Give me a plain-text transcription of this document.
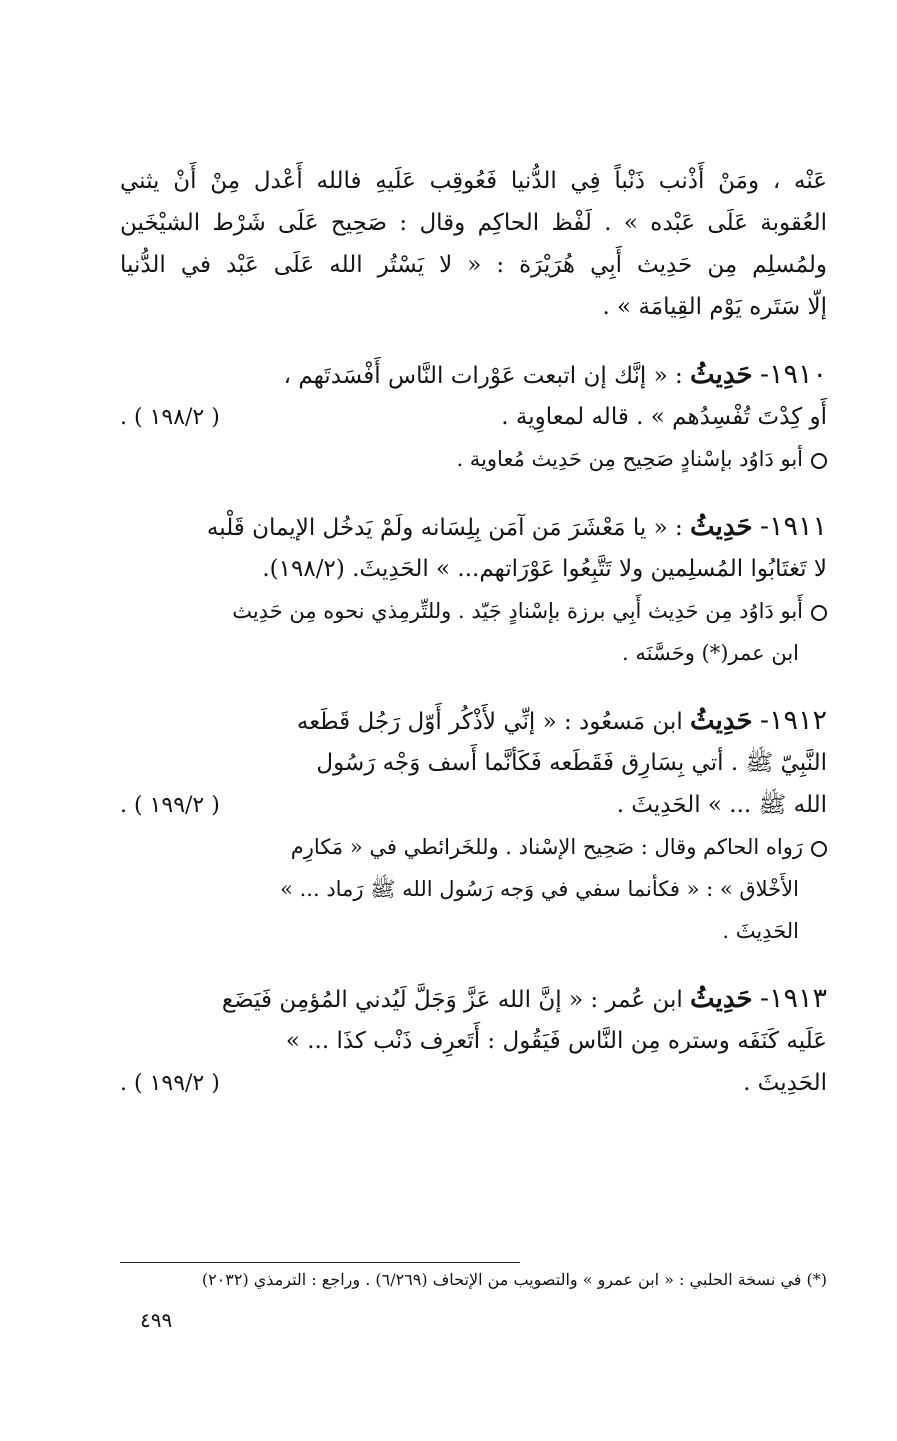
عَنْه ، ومَنْ أَذْنب ذَنْباً فِي الدُّنيا فَعُوقِب عَلَيهِ فالله أَعْدل مِنْ أَنْ يثني
العُقوبة عَلَى عَبْده » . لَفْظ الحاكِم وقال : صَحِيح عَلَى شَرْط الشيْخَين
ولمُسلِم مِن حَدِيث أَبِي هُرَيْرَة : « لا يَسْتُر الله عَلَى عَبْد في الدُّنيا
إلّا سَتَره يَوْم القِيامَة » .
١٩١٠- حَدِيثُ : « إنَّك إن اتبعت عَوْرات النَّاس أَفْسَدتَهم ،
أَو كِدْتَ تُفْسِدُهم » . قاله لمعاوِية .
( ١٩٨/٢ ) .
أبو دَاوُد بإسْنادٍ صَحِيح مِن حَدِيث مُعاوية .
١٩١١- حَدِيثُ : « يا مَعْشَرَ مَن آمَن بِلِسَانه ولَمْ يَدخُل الإيمان قَلْبه
لا تَغتَابُوا المُسلِمين ولا تَتَّبِعُوا عَوْرَاتهم... » الحَدِيثَ. (١٩٨/٢).
أَبو دَاوُد مِن حَدِيث أَبِي برزة بإسْنادٍ جَيّد . وللتِّرمِذي نحوه مِن حَدِيث
ابن عمر(*) وحَسَّنَه .
١٩١٢- حَدِيثُ ابن مَسعُود : « إنِّي لأَذْكُر أَوّل رَجُل قَطَعه
النَّبِيّ ﷺ . أتي بِسَارِق فَقَطَعه فَكَأنَّما أَسف وَجْه رَسُول
الله ﷺ ... » الحَدِيثَ .
( ١٩٩/٢ ) .
رَواه الحاكم وقال : صَحِيح الإسْناد . وللخَرائطي في « مَكارِم
الأَخْلاق » : « فكأنما سفي في وَجه رَسُول الله ﷺ رَماد ... »
الحَدِيثَ .
١٩١٣- حَدِيثُ ابن عُمر : « إنَّ الله عَزَّ وَجَلَّ لَيُدني المُؤمِن فَيَضَع
عَلَيه كَنَفَه وستره مِن النَّاس فَيَقُول : أَتَعرِف ذَنْب كذَا ... »
الحَدِيثَ .
( ١٩٩/٢ ) .
(*) في نسخة الحلبي : « ابن عمرو » والتصويب من الإتحاف (٦/٢٦٩) . وراجع : الترمذي (٢٠٣٢)
٤٩٩
